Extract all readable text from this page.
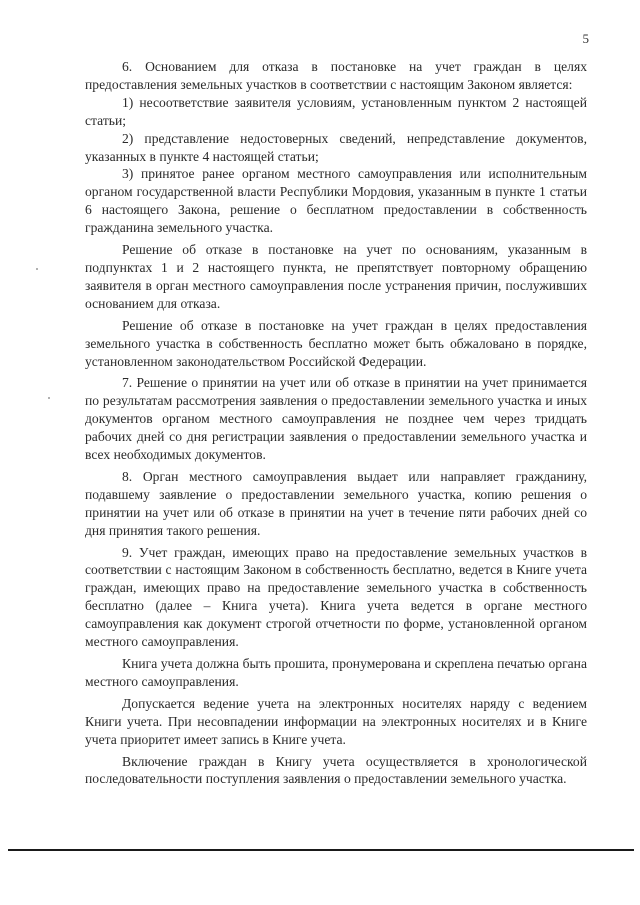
5

6. Основанием для отказа в постановке на учет граждан в целях предоставления земельных участков в соответствии с настоящим Законом является:

1) несоответствие заявителя условиям, установленным пунктом 2 настоящей статьи;

2) представление недостоверных сведений, непредставление документов, указанных в пункте 4 настоящей статьи;

3) принятое ранее органом местного самоуправления или исполнительным органом государственной власти Республики Мордовия, указанным в пункте 1 статьи 6 настоящего Закона, решение о бесплатном предоставлении в собственность гражданина земельного участка.

Решение об отказе в постановке на учет по основаниям, указанным в подпунктах 1 и 2 настоящего пункта, не препятствует повторному обращению заявителя в орган местного самоуправления после устранения причин, послуживших основанием для отказа.

Решение об отказе в постановке на учет граждан в целях предоставления земельного участка в собственность бесплатно может быть обжаловано в порядке, установленном законодательством Российской Федерации.

7. Решение о принятии на учет или об отказе в принятии на учет принимается по результатам рассмотрения заявления о предоставлении земельного участка и иных документов органом местного самоуправления не позднее чем через тридцать рабочих дней со дня регистрации заявления о предоставлении земельного участка и всех необходимых документов.

8. Орган местного самоуправления выдает или направляет гражданину, подавшему заявление о предоставлении земельного участка, копию решения о принятии на учет или об отказе в принятии на учет в течение пяти рабочих дней со дня принятия такого решения.

9. Учет граждан, имеющих право на предоставление земельных участков в соответствии с настоящим Законом в собственность бесплатно, ведется в Книге учета граждан, имеющих право на предоставление земельного участка в собственность бесплатно (далее – Книга учета). Книга учета ведется в органе местного самоуправления как документ строгой отчетности по форме, установленной органом местного самоуправления.

Книга учета должна быть прошита, пронумерована и скреплена печатью органа местного самоуправления.

Допускается ведение учета на электронных носителях наряду с ведением Книги учета. При несовпадении информации на электронных носителях и в Книге учета приоритет имеет запись в Книге учета.

Включение граждан в Книгу учета осуществляется в хронологической последовательности поступления заявления о предоставлении земельного участка.
